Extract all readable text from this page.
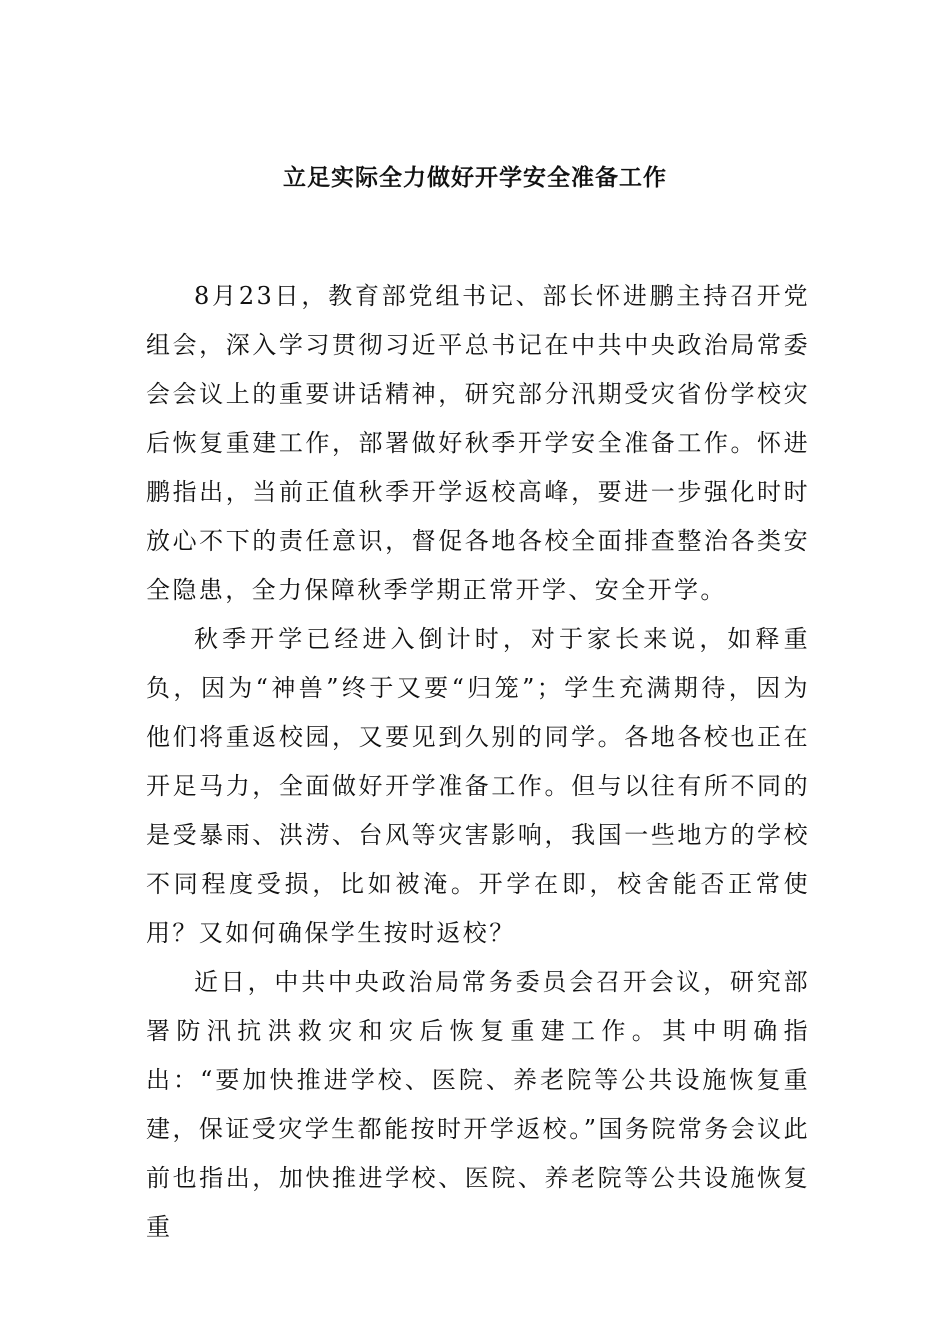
立足实际全力做好开学安全准备工作

8月23日，教育部党组书记、部长怀进鹏主持召开党组会，深入学习贯彻习近平总书记在中共中央政治局常委会会议上的重要讲话精神，研究部分汛期受灾省份学校灾后恢复重建工作，部署做好秋季开学安全准备工作。怀进鹏指出，当前正值秋季开学返校高峰，要进一步强化时时放心不下的责任意识，督促各地各校全面排查整治各类安全隐患，全力保障秋季学期正常开学、安全开学。

秋季开学已经进入倒计时，对于家长来说，如释重负，因为“神兽”终于又要“归笼”；学生充满期待，因为他们将重返校园，又要见到久别的同学。各地各校也正在开足马力，全面做好开学准备工作。但与以往有所不同的是受暴雨、洪涝、台风等灾害影响，我国一些地方的学校不同程度受损，比如被淹。开学在即，校舍能否正常使用？又如何确保学生按时返校？

近日，中共中央政治局常务委员会召开会议，研究部署防汛抗洪救灾和灾后恢复重建工作。其中明确指出：“要加快推进学校、医院、养老院等公共设施恢复重建，保证受灾学生都能按时开学返校。”国务院常务会议此前也指出，加快推进学校、医院、养老院等公共设施恢复重
